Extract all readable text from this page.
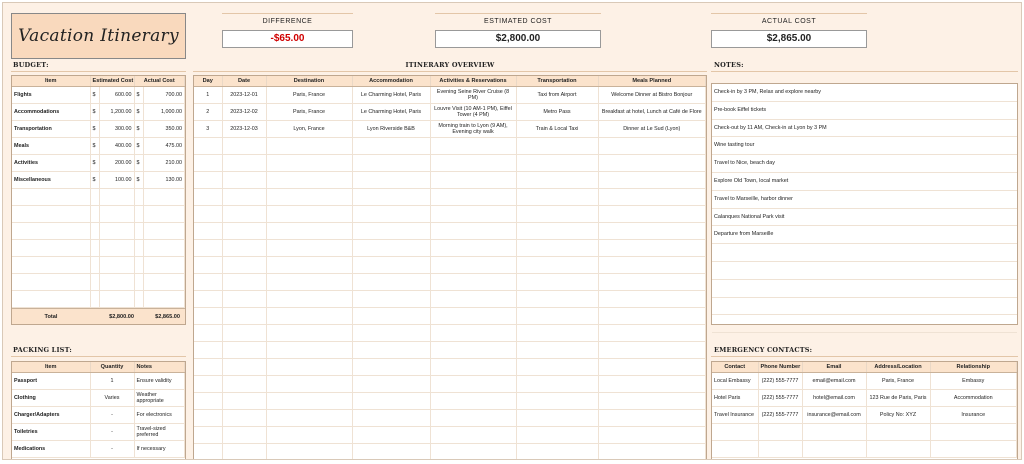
Vacation Itinerary
DIFFERENCE
-$65.00
ESTIMATED COST
$2,800.00
ACTUAL COST
$2,865.00
BUDGET:
Item	Estimated Cost		Actual Cost	
Flights	$	600.00	$	700.00
Accommodations	$	1,200.00	$	1,000.00
Transportation	$	300.00	$	350.00
Meals	$	400.00	$	475.00
Activities	$	200.00	$	210.00
Miscellaneous	$	100.00	$	130.00

Total	$2,800.00	$2,865.00
ITINERARY OVERVIEW
Day	Date	Destination	Accommodation	Activities & Reservations	Transportation	Meals Planned
1	2023-12-01	Paris, France	Le Charming Hotel, Paris	Evening Seine River Cruise (8 PM)	Taxi from Airport	Welcome Dinner at Bistro Bonjour
2	2023-12-02	Paris, France	Le Charming Hotel, Paris	Louvre Visit (10 AM-1 PM), Eiffel Tower (4 PM)	Metro Pass	Breakfast at hotel, Lunch at Café de Flore
3	2023-12-03	Lyon, France	Lyon Riverside B&B	Morning train to Lyon (9 AM), Evening city walk	Train & Local Taxi	Dinner at Le Sud (Lyon)

NOTES:
Check-in by 3 PM, Relax and explore nearby
Pre-book Eiffel tickets
Check-out by 11 AM, Check-in at Lyon by 3 PM
Wine tasting tour
Travel to Nice, beach day
Explore Old Town, local market
Travel to Marseille, harbor dinner
Calanques National Park visit
Departure from Marseille
PACKING LIST:
Item	Quantity	Notes
Passport	1	Ensure validity
Clothing	Varies	Weather appropriate
Charger/Adapters	-	For electronics
Toiletries	-	Travel-sized preferred
Medications	-	If necessary
EMERGENCY CONTACTS:
Contact	Phone Number	Email	Address/Location	Relationship
Local Embassy	(222) 555-7777	email@email.com	Paris, France	Embassy
Hotel Paris	(222) 555-7777	hotel@email.com	123 Rue de Paris, Paris	Accommodation
Travel Insurance	(222) 555-7777	insurance@email.com	Policy No: XYZ	Insurance
